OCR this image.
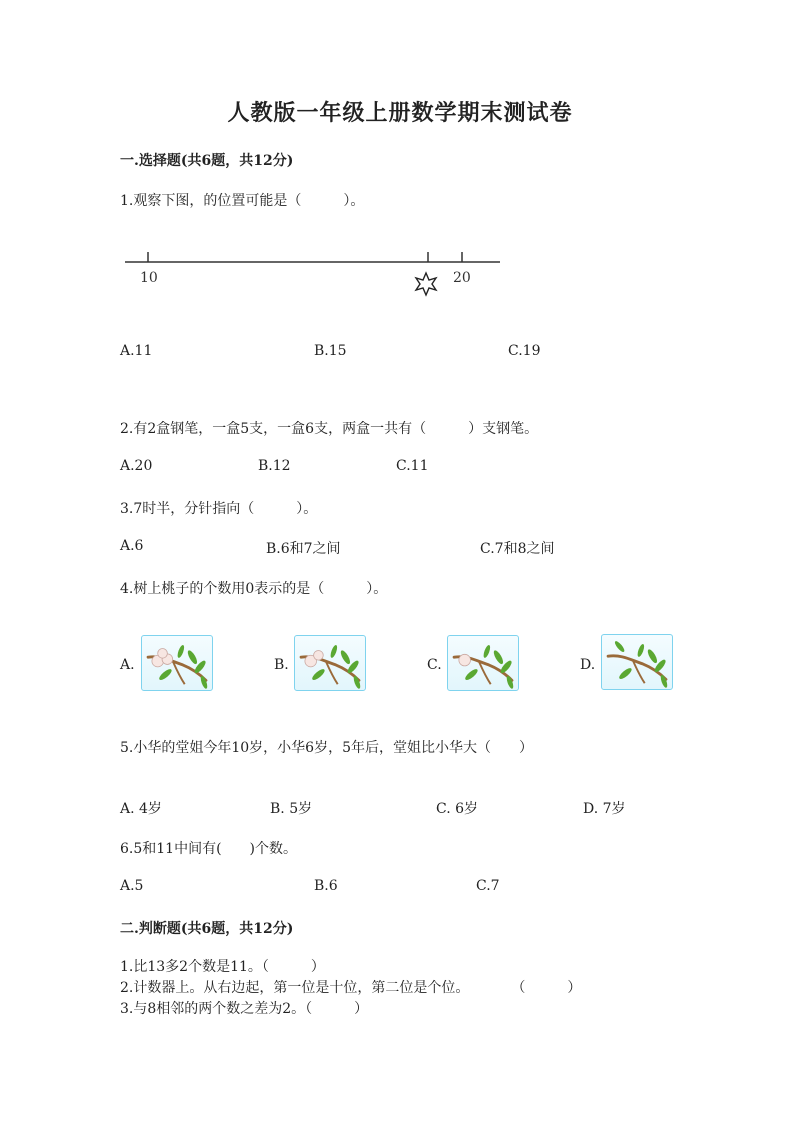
人教版一年级上册数学期末测试卷
一.选择题(共6题，共12分)
1.观察下图，的位置可能是（　　　）。
10	20
A.11	B.15	C.19
2.有2盒钢笔，一盒5支，一盒6支，两盒一共有（　　　）支钢笔。
A.20	B.12	C.11
3.7时半，分针指向（　　　）。
A.6	B.6和7之间	C.7和8之间
4.树上桃子的个数用0表示的是（　　　）。
A.	B.	C.	D.
5.小华的堂姐今年10岁，小华6岁，5年后，堂姐比小华大（　　）
A. 4岁	B. 5岁	C. 6岁	D. 7岁
6.5和11中间有(　　)个数。
A.5	B.6	C.7
二.判断题(共6题，共12分)
1.比13多2个数是11。（　　　）
2.计数器上。从右边起，第一位是十位，第二位是个位。　　　　（　　　）
3.与8相邻的两个数之差为2。（　　　）
